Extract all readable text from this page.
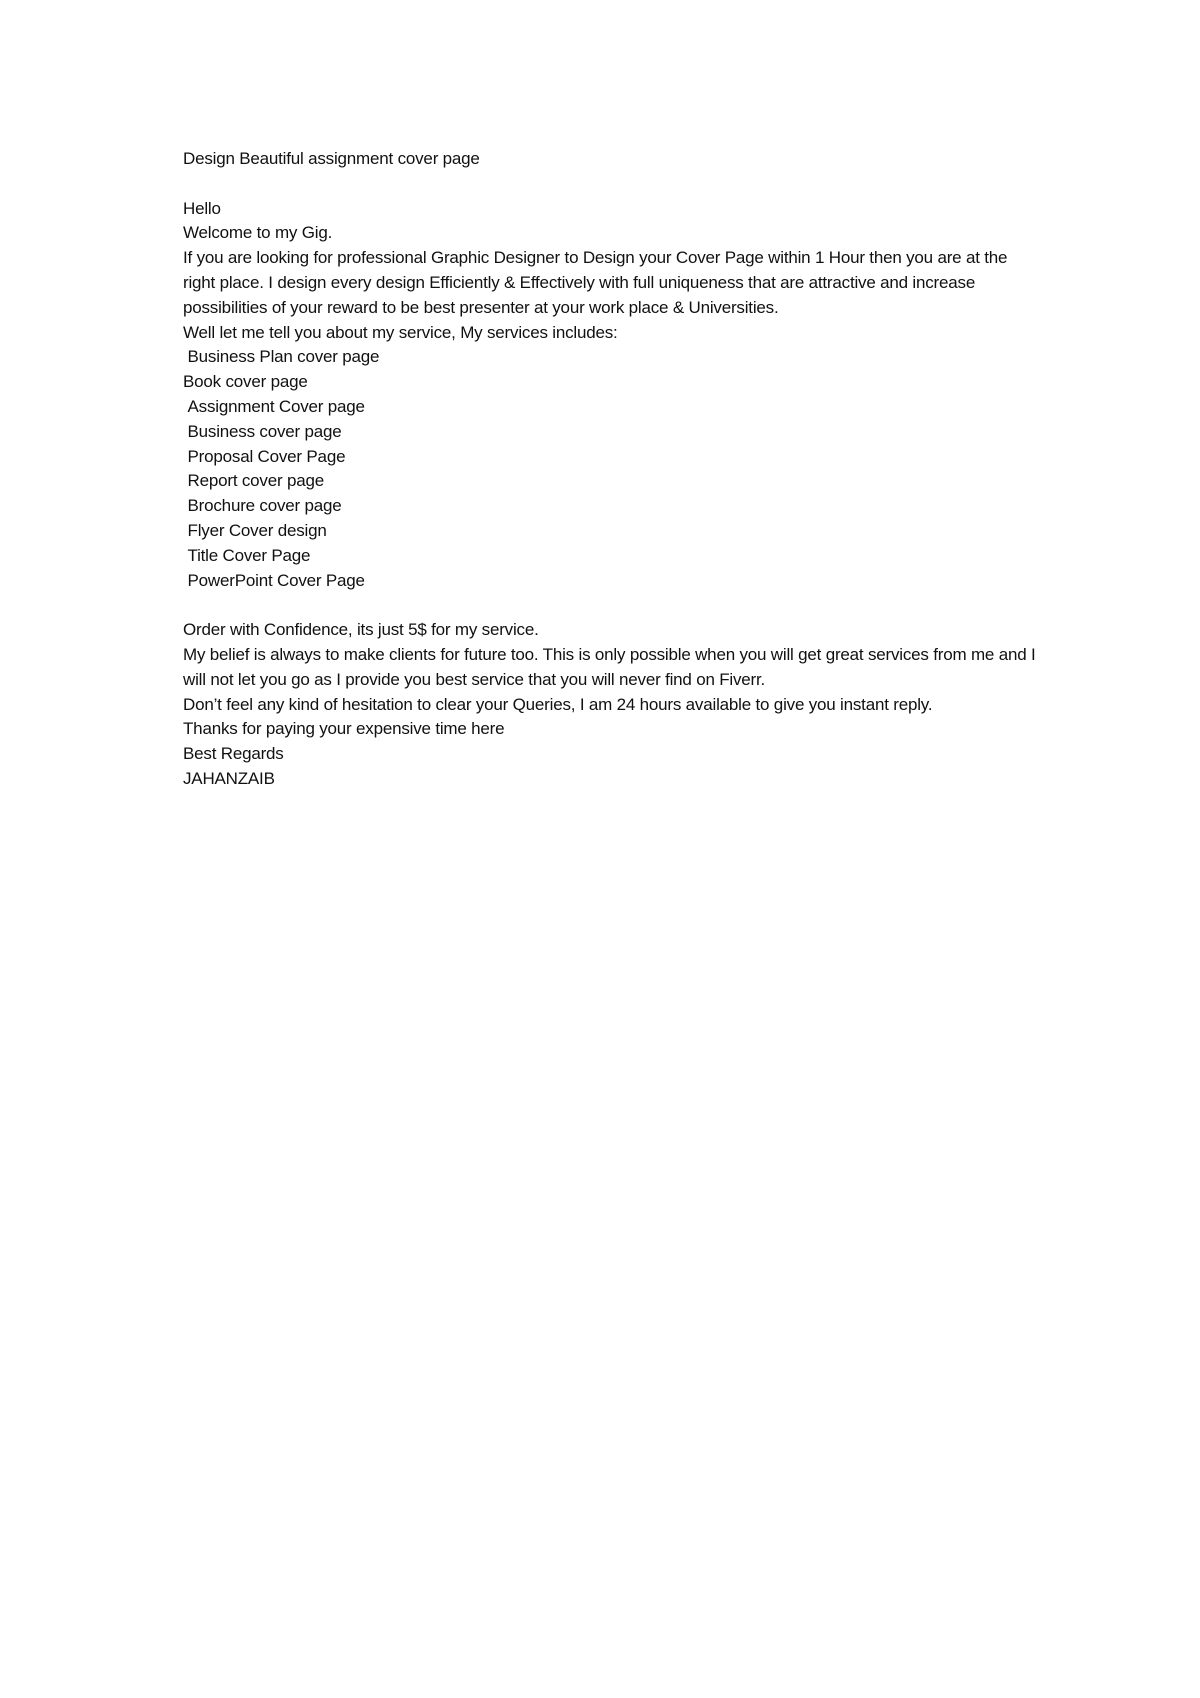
Design Beautiful assignment cover page
Hello
Welcome to my Gig.
If you are looking for professional Graphic Designer to Design your Cover Page within 1 Hour then you are at the right place. I design every design Efficiently & Effectively with full uniqueness that are attractive and increase possibilities of your reward to be best presenter at your work place & Universities.
Well let me tell you about my service, My services includes:
Business Plan cover page
Book cover page
Assignment Cover page
Business cover page
Proposal Cover Page
Report cover page
Brochure cover page
Flyer Cover design
Title Cover Page
PowerPoint Cover Page
Order with Confidence, its just 5$ for my service.
My belief is always to make clients for future too. This is only possible when you will get great services from me and I will not let you go as I provide you best service that you will never find on Fiverr.
Don’t feel any kind of hesitation to clear your Queries, I am 24 hours available to give you instant reply.
Thanks for paying your expensive time here
Best Regards
JAHANZAIB
